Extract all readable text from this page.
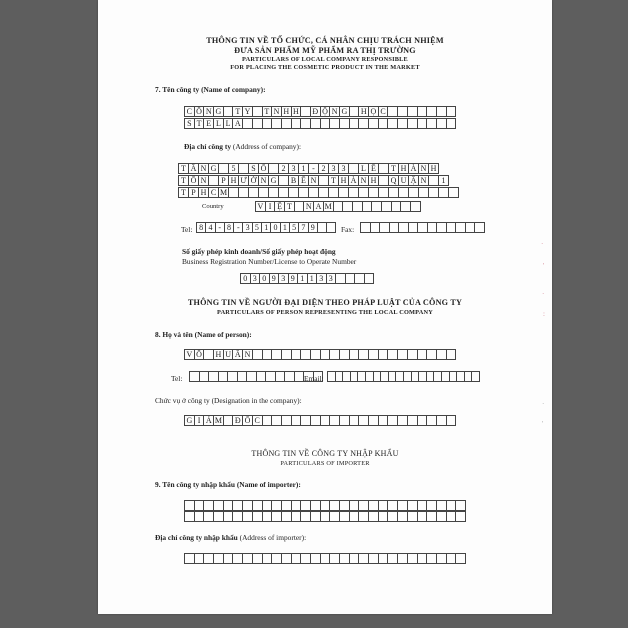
THÔNG TIN VỀ TỔ CHỨC, CÁ NHÂN CHỊU TRÁCH NHIỆM
ĐƯA SẢN PHẨM MỸ PHẨM RA THỊ TRƯỜNG
PARTICULARS OF LOCAL COMPANY RESPONSIBLE
FOR PLACING THE COSMETIC PRODUCT IN THE MARKET
7. Tên công ty (Name of company):
C Ô N G	T Y	T N H H	Đ Ộ N G	H Ọ C
S T E L L A
Địa chỉ công ty (Address of company):
T Ầ N G	5	S Ố	2 3 1 - 2 3 3	L Ê	T H À N H
T Ô N	P H Ư Ờ N G	B Ế N	T H À N H	Q U Ậ N	1
T P H C M
Country	V I Ệ T	N A M
Tel: 8 4 - 8 - 3 5 1 0 1 5 7 9	Fax:
Số giấy phép kinh doanh/Số giấy phép hoạt động
Business Registration Number/License to Operate Number
0 3 0 9 3 9 1 1 3 3
THÔNG TIN VỀ NGƯỜI ĐẠI DIỆN THEO PHÁP LUẬT CỦA CÔNG TY
PARTICULARS OF PERSON REPRESENTING THE LOCAL COMPANY
8. Họ và tên (Name of person):
V Õ	H U Â N
Tel:	Email:
Chức vụ ở công ty (Designation in the company):
G I Á M	Đ Ố C
THÔNG TIN VỀ CÔNG TY NHẬP KHẨU
PARTICULARS OF IMPORTER
9. Tên công ty nhập khẩu (Name of importer):
Địa chỉ công ty nhập khẩu (Address of importer):
·
'
·
:
·
'
